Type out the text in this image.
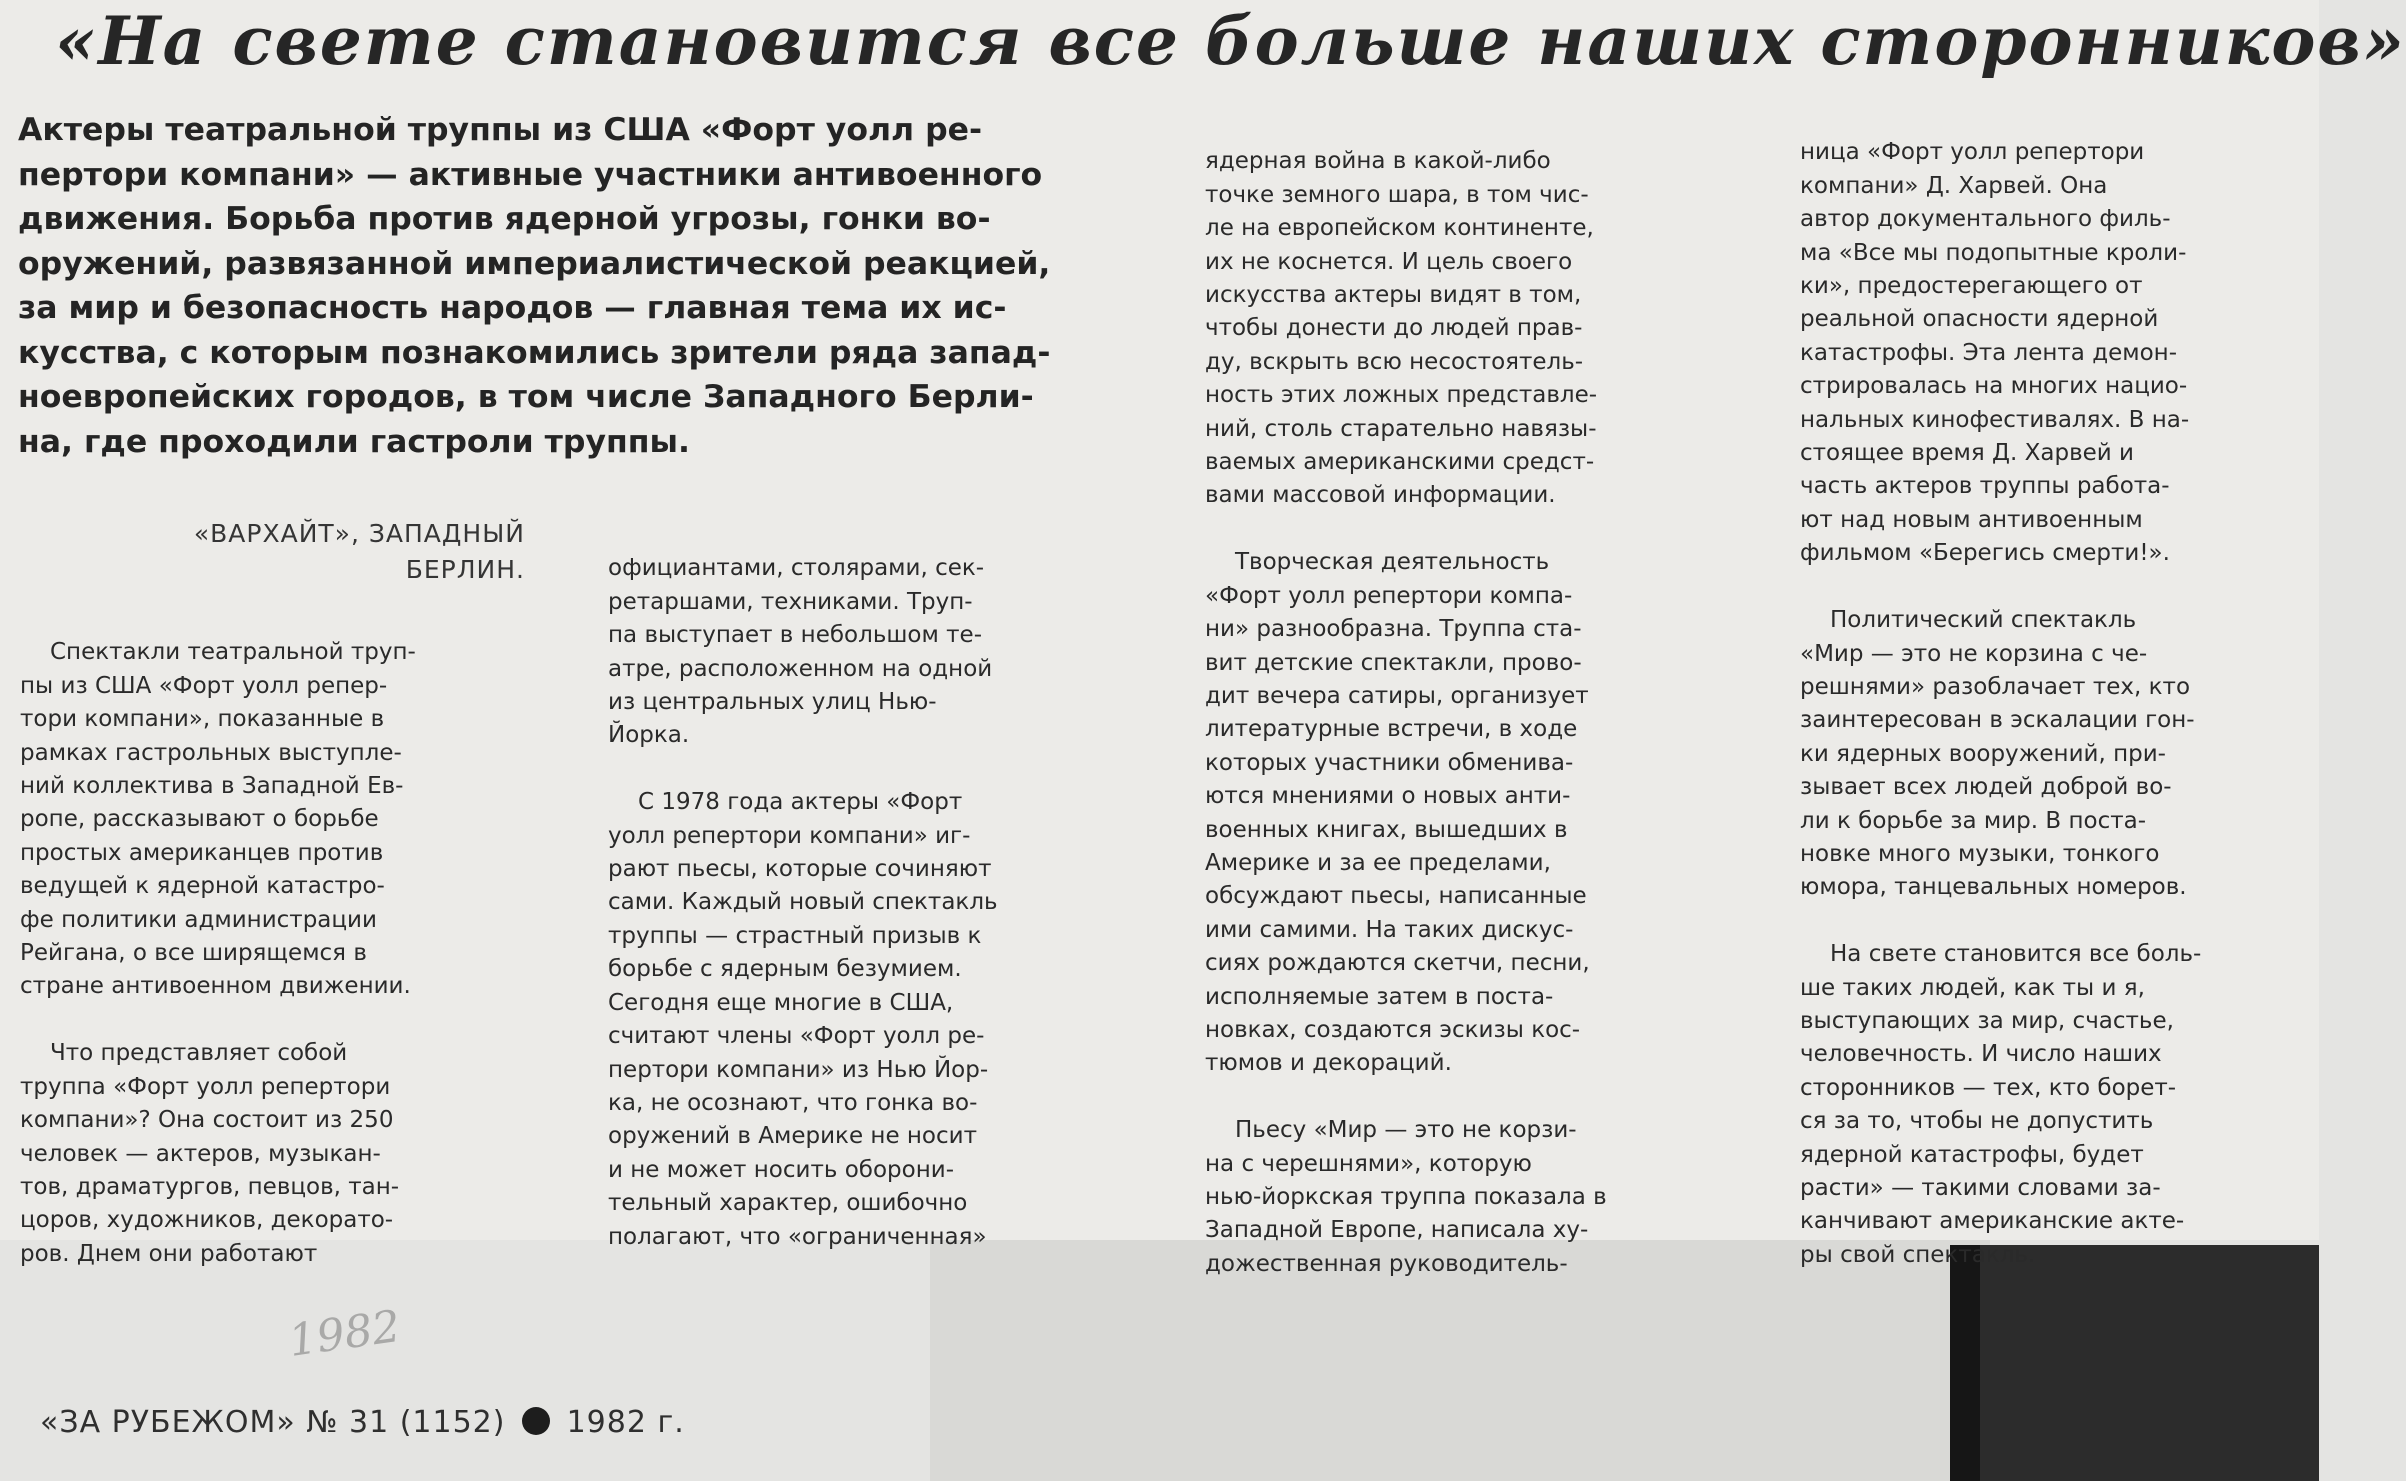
«На свете становится все больше наших сторонников»
Актеры театральной труппы из США «Форт уолл ре-
пертори компани» — активные участники антивоенного
движения. Борьба против ядерной угрозы, гонки во-
оружений, развязанной империалистической реакцией,
за мир и безопасность народов — главная тема их ис-
кусства, с которым познакомились зрители ряда запад-
ноевропейских городов, в том числе Западного Берли-
на, где проходили гастроли труппы.
«ВАРХАЙТ», ЗАПАДНЫЙ
БЕРЛИН.

Спектакли театральной труп-
пы из США «Форт уолл репер-
тори компани», показанные в
рамках гастрольных выступле-
ний коллектива в Западной Ев-
ропе, рассказывают о борьбе
простых американцев против
ведущей к ядерной катастро-
фе политики администрации
Рейгана, о все ширящемся в
стране антивоенном движении.

Что представляет собой
труппа «Форт уолл репертори
компани»? Она состоит из 250
человек — актеров, музыкан-
тов, драматургов, певцов, тан-
цоров, художников, декорато-
ров. Днем они работают

официантами, столярами, сек-
ретаршами, техниками. Труп-
па выступает в небольшом те-
атре, расположенном на одной
из центральных улиц Нью-
Йорка.

С 1978 года актеры «Форт
уолл репертори компани» иг-
рают пьесы, которые сочиняют
сами. Каждый новый спектакль
труппы — страстный призыв к
борьбе с ядерным безумием.
Сегодня еще многие в США,
считают члены «Форт уолл ре-
пертори компани» из Нью Йор-
ка, не осознают, что гонка во-
оружений в Америке не носит
и не может носить оборони-
тельный характер, ошибочно
полагают, что «ограниченная»

ядерная война в какой-либо
точке земного шара, в том чис-
ле на европейском континенте,
их не коснется. И цель своего
искусства актеры видят в том,
чтобы донести до людей прав-
ду, вскрыть всю несостоятель-
ность этих ложных представле-
ний, столь старательно навязы-
ваемых американскими средст-
вами массовой информации.

Творческая деятельность
«Форт уолл репертори компа-
ни» разнообразна. Труппа ста-
вит детские спектакли, прово-
дит вечера сатиры, организует
литературные встречи, в ходе
которых участники обменива-
ются мнениями о новых анти-
военных книгах, вышедших в
Америке и за ее пределами,
обсуждают пьесы, написанные
ими самими. На таких дискус-
сиях рождаются скетчи, песни,
исполняемые затем в поста-
новках, создаются эскизы кос-
тюмов и декораций.

Пьесу «Мир — это не корзи-
на с черешнями», которую
нью-йоркская труппа показала в
Западной Европе, написала ху-
дожественная руководитель-

ница «Форт уолл репертори
компани» Д. Харвей. Она
автор документального филь-
ма «Все мы подопытные кроли-
ки», предостерегающего от
реальной опасности ядерной
катастрофы. Эта лента демон-
стрировалась на многих нацио-
нальных кинофестивалях. В на-
стоящее время Д. Харвей и
часть актеров труппы работа-
ют над новым антивоенным
фильмом «Берегись смерти!».

Политический спектакль
«Мир — это не корзина с че-
решнями» разоблачает тех, кто
заинтересован в эскалации гон-
ки ядерных вооружений, при-
зывает всех людей доброй во-
ли к борьбе за мир. В поста-
новке много музыки, тонкого
юмора, танцевальных номеров.

На свете становится все боль-
ше таких людей, как ты и я,
выступающих за мир, счастье,
человечность. И число наших
сторонников — тех, кто борет-
ся за то, чтобы не допустить
ядерной катастрофы, будет
расти» — такими словами за-
канчивают американские акте-
ры свой спектакль.

1982
«ЗА РУБЕЖОМ» № 31 (1152) 1982 г.
